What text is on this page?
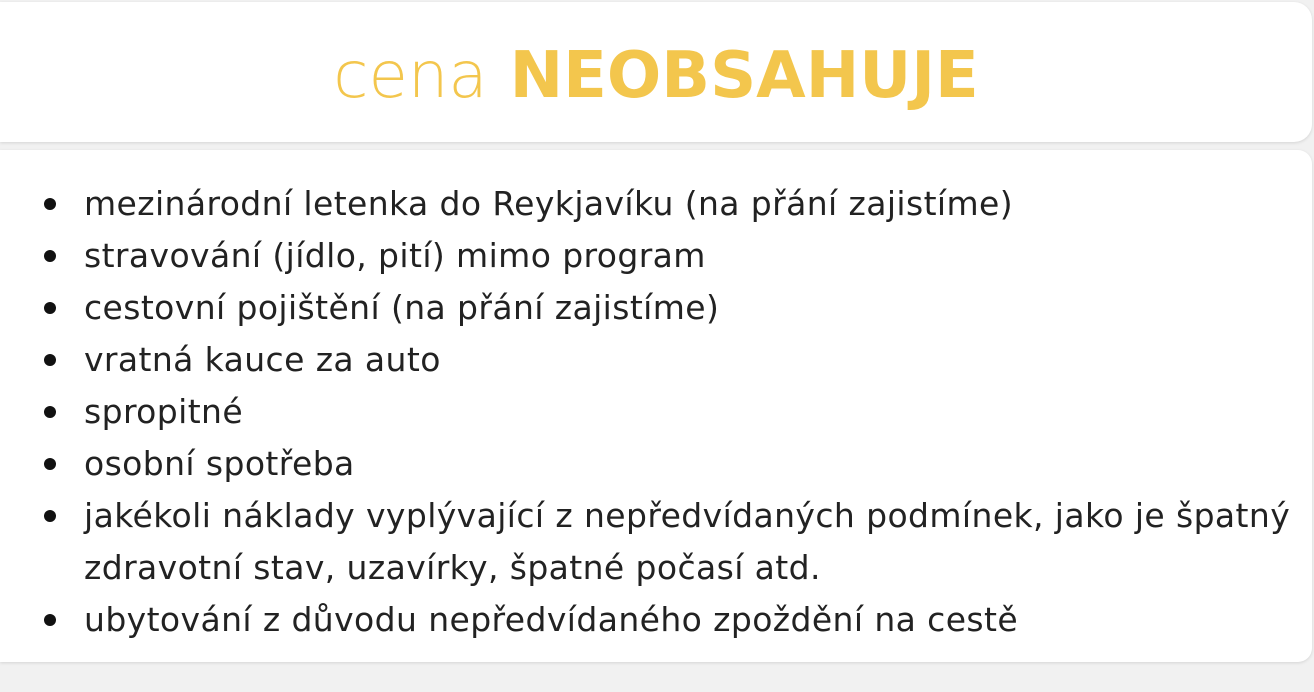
cena NEOBSAHUJE
mezinárodní letenka do Reykjavíku (na přání zajistíme)
stravování (jídlo, pití) mimo program
cestovní pojištění (na přání zajistíme)
vratná kauce za auto
spropitné
osobní spotřeba
jakékoli náklady vyplývající z nepředvídaných podmínek, jako je špatný zdravotní stav, uzavírky, špatné počasí atd.
ubytování z důvodu nepředvídaného zpoždění na cestě
